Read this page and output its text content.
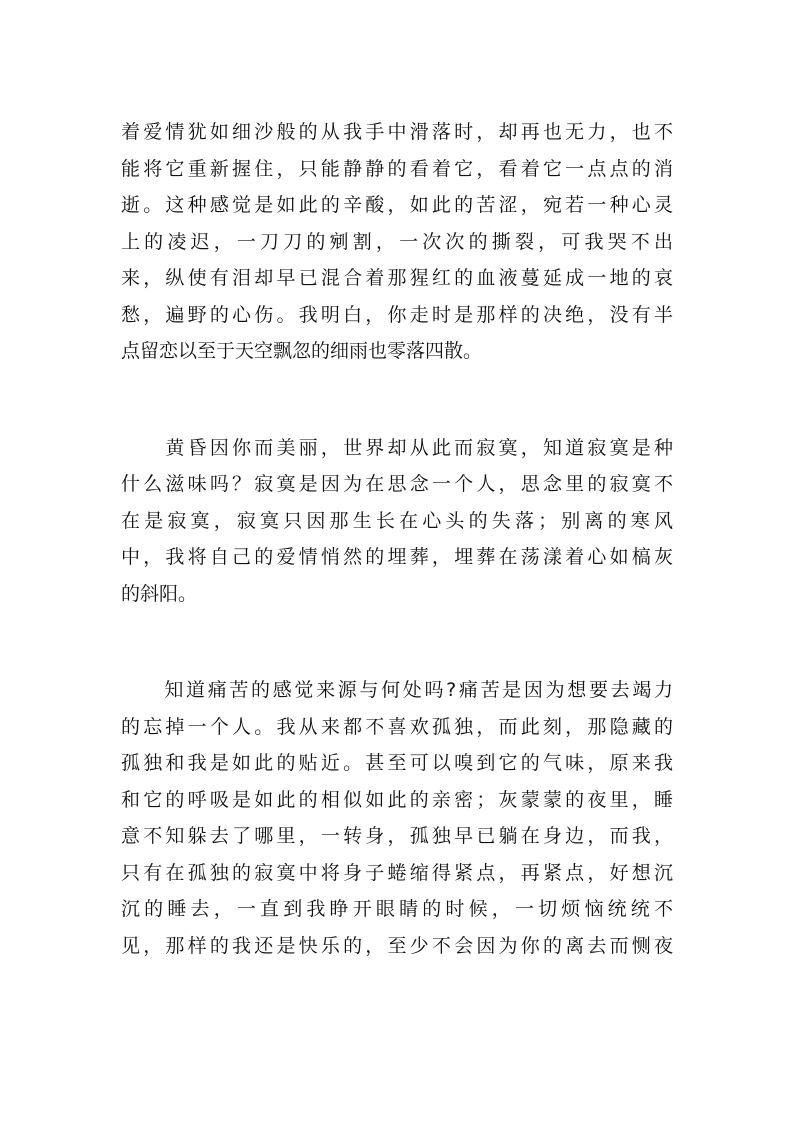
着爱情犹如细沙般的从我手中滑落时，却再也无力，也不
能将它重新握住，只能静静的看着它，看着它一点点的消
逝。这种感觉是如此的辛酸，如此的苦涩，宛若一种心灵
上的凌迟，一刀刀的剜割，一次次的撕裂，可我哭不出
来，纵使有泪却早已混合着那猩红的血液蔓延成一地的哀
愁，遍野的心伤。我明白，你走时是那样的决绝，没有半
点留恋以至于天空飘忽的细雨也零落四散。
　　黄昏因你而美丽，世界却从此而寂寞，知道寂寞是种
什么滋味吗？寂寞是因为在思念一个人，思念里的寂寞不
在是寂寞，寂寞只因那生长在心头的失落；别离的寒风
中，我将自己的爱情悄然的埋葬，埋葬在荡漾着心如槁灰
的斜阳。
　　知道痛苦的感觉来源与何处吗?痛苦是因为想要去竭力
的忘掉一个人。我从来都不喜欢孤独，而此刻，那隐藏的
孤独和我是如此的贴近。甚至可以嗅到它的气味，原来我
和它的呼吸是如此的相似如此的亲密；灰蒙蒙的夜里，睡
意不知躲去了哪里，一转身，孤独早已躺在身边，而我，
只有在孤独的寂寞中将身子蜷缩得紧点，再紧点，好想沉
沉的睡去，一直到我睁开眼睛的时候，一切烦恼统统不
见，那样的我还是快乐的，至少不会因为你的离去而恻夜
